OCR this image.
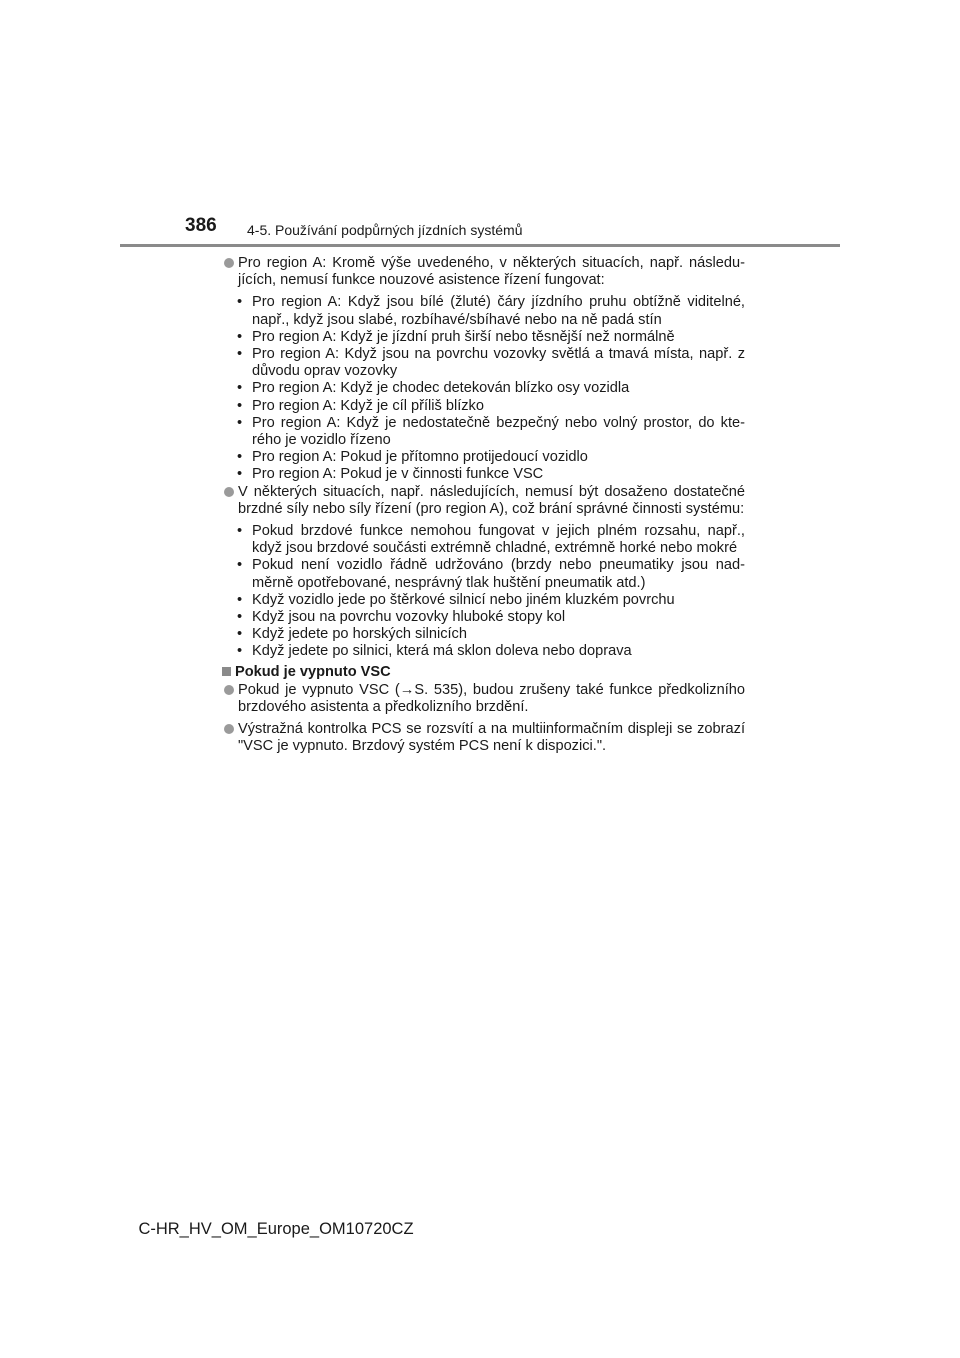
386 4-5. Používání podpůrných jízdních systémů

Pro region A: Kromě výše uvedeného, v některých situacích, např. následujících, nemusí funkce nouzové asistence řízení fungovat:

• Pro region A: Když jsou bílé (žluté) čáry jízdního pruhu obtížně viditelné, např., když jsou slabé, rozbíhavé/sbíhavé nebo na ně padá stín
• Pro region A: Když je jízdní pruh širší nebo těsnější než normálně
• Pro region A: Když jsou na povrchu vozovky světlá a tmavá místa, např. z důvodu oprav vozovky
• Pro region A: Když je chodec detekován blízko osy vozidla
• Pro region A: Když je cíl příliš blízko
• Pro region A: Když je nedostatečně bezpečný nebo volný prostor, do kterého je vozidlo řízeno
• Pro region A: Pokud je přítomno protijedoucí vozidlo
• Pro region A: Pokud je v činnosti funkce VSC

V některých situacích, např. následujících, nemusí být dosaženo dostatečné brzdné síly nebo síly řízení (pro region A), což brání správné činnosti systému:

• Pokud brzdové funkce nemohou fungovat v jejich plném rozsahu, např., když jsou brzdové součásti extrémně chladné, extrémně horké nebo mokré
• Pokud není vozidlo řádně udržováno (brzdy nebo pneumatiky jsou nadměrně opotřebované, nesprávný tlak huštění pneumatik atd.)
• Když vozidlo jede po štěrkové silnicí nebo jiném kluzkém povrchu
• Když jsou na povrchu vozovky hluboké stopy kol
• Když jedete po horských silnicích
• Když jedete po silnici, která má sklon doleva nebo doprava

Pokud je vypnuto VSC

Pokud je vypnuto VSC (→S. 535), budou zrušeny také funkce předkolizního brzdového asistenta a předkolizního brzdění.

Výstražná kontrolka PCS se rozsvítí a na multiinformačním displeji se zobrazí "VSC je vypnuto. Brzdový systém PCS není k dispozici.".

C-HR_HV_OM_Europe_OM10720CZ
